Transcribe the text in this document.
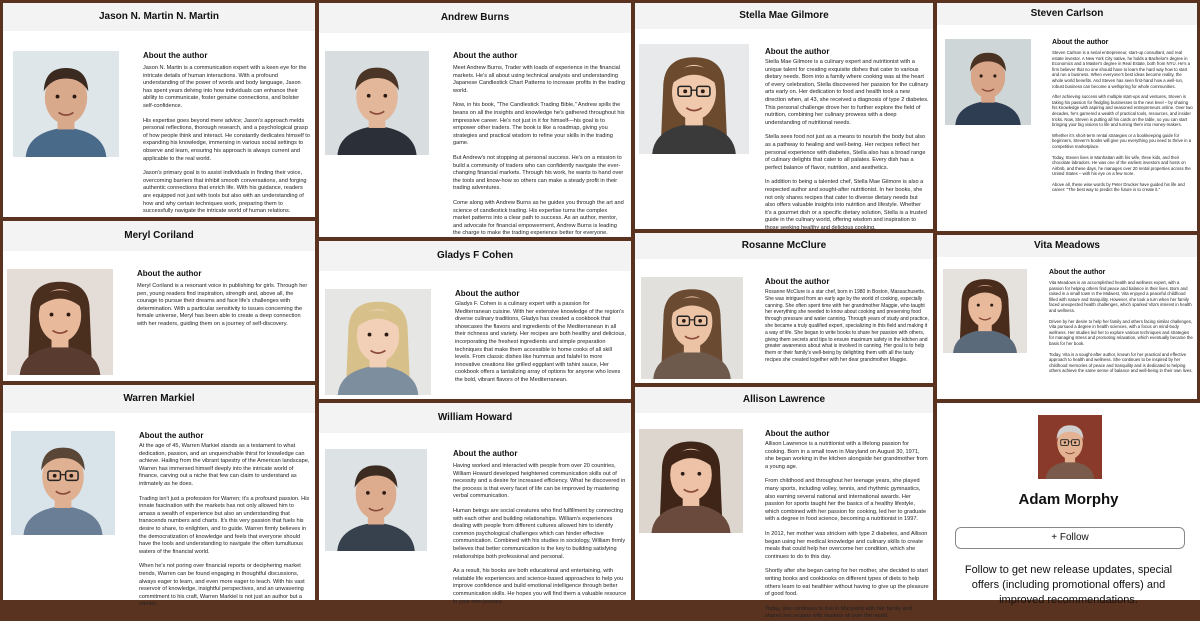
Jason N. Martin N. Martin
About the author

Jason N. Martin is a communication expert with a keen eye for the intricate details of human interactions. With a profound understanding of the power of words and body language, Jason has spent years delving into how individuals can enhance their ability to communicate, foster genuine connections, and bolster self-confidence.

His expertise goes beyond mere advice; Jason's approach melds personal reflections, thorough research, and a psychological grasp of how people think and interact. He constantly dedicates himself to expanding his knowledge, immersing in various social settings to observe and learn, ensuring his approach is always current and applicable to the real world.

Jason's primary goal is to assist individuals in finding their voice, overcoming barriers that inhibit smooth conversations, and forging authentic connections that enrich life. With his guidance, readers are equipped not just with tools but also with an understanding of how and why certain techniques work, preparing them to successfully navigate the intricate world of human relations.

Andrew Burns
About the author

Meet Andrew Burns, Trader with loads of experience in the financial markets. He's all about using technical analysis and understanding Japanese Candlestick Chart Patterns to increase profits in the trading world.

Now, in his book, "The Candlestick Trading Bible," Andrew spills the beans on all the insights and knowledge he's gathered throughout his impressive career. He's not just in it for himself—his goal is to empower other traders. The book is like a roadmap, giving you strategies and practical wisdom to refine your skills in the trading game.

But Andrew's not stopping at personal success. He's on a mission to build a community of traders who can confidently navigate the ever-changing financial markets. Through his work, he wants to hand over the tools and know-how so others can make a steady profit in their trading adventures.

Come along with Andrew Burns as he guides you through the art and science of candlestick trading. His expertise turns the complex market patterns into a clear path to success. As an author, mentor, and advocate for financial empowerment, Andrew Burns is leading the charge to make the trading experience better for everyone.

Stella Mae Gilmore
About the author

Stella Mae Gilmore is a culinary expert and nutritionist with a unique talent for creating exquisite dishes that cater to various dietary needs. Born into a family where cooking was at the heart of every celebration, Stella discovered her passion for the culinary arts early on. Her dedication to food and health took a new direction when, at 43, she received a diagnosis of type 2 diabetes. This personal challenge drove her to further explore the field of nutrition, combining her culinary prowess with a deep understanding of nutritional needs.

Stella sees food not just as a means to nourish the body but also as a pathway to healing and well-being. Her recipes reflect her personal experience with diabetes, Stella also has a broad range of culinary delights that cater to all palates. Every dish has a perfect balance of flavor, nutrition, and aesthetics.

In addition to being a talented chef, Stella Mae Gilmore is also a respected author and sought-after nutritionist. In her books, she not only shares recipes that cater to diverse dietary needs but also offers valuable insights into nutrition and lifestyle. Whether it's a gourmet dish or a specific dietary solution, Stella is a trusted guide in the culinary world, offering wisdom and inspiration to those seeking healthy and delicious cooking.

Steven Carlson
About the author

Steven Carlson is a serial entrepreneur, start-up consultant, and real estate investor. A New York City native, he holds a Bachelor's degree in Economics and a Master's degree in Real Estate, both from NYU. He's a firm believer that no one should have to learn the hard way how to start and run a business. When everyone's best ideas become reality, the whole world benefits. And Steven has seen first-hand how a well-run, robust business can become a wellspring for whole communities.

After achieving success with multiple start-ups and ventures, Steven is taking his passion for fledgling businesses to the next level – by sharing his knowledge with aspiring and seasoned entrepreneurs online. Over two decades, he's garnered a wealth of practical tools, resources, and insider tricks. Now, Steven is putting all his cards on the table, so you can start bringing your big visions to life and turning them into money-makers.

Whether it's short-term rental strategies or a bookkeeping guide for beginners, Steven's books will give you everything you need to thrive in a competitive marketplace.

Today, Steven lives in Manhattan with his wife, three kids, and their chocolate labradors. He was one of the earliest investors and hosts on Airbnb, and these days, he manages over 20 rental properties across the United States – with his eye on a few more.

Above all, these wise words by Peter Drucker have guided his life and career: "The best way to predict the future is to create it."

Meryl Coriland
About the author

Meryl Coriland is a resonant voice in publishing for girls. Through her pen, young readers find inspiration, strength and, above all, the courage to pursue their dreams and face life's challenges with determination. With a particular sensitivity to issues concerning the female universe, Meryl has been able to create a deep connection with her readers, guiding them on a journey of self-discovery.

Gladys F Cohen
About the author

Gladys F. Cohen is a culinary expert with a passion for Mediterranean cuisine. With her extensive knowledge of the region's diverse culinary traditions, Gladys has created a cookbook that showcases the flavors and ingredients of the Mediterranean in all their richness and variety. Her recipes are both healthy and delicious, incorporating the freshest ingredients and simple preparation techniques that make them accessible to home cooks of all skill levels. From classic dishes like hummus and falafel to more innovative creations like grilled eggplant with tahini sauce, Her cookbook offers a tantalizing array of options for anyone who loves the bold, vibrant flavors of the Mediterranean.

Rosanne McClure
About the author

Rosanne McClure is a star chef, born in 1980 in Boston, Massachusetts. She was intrigued from an early age by the world of cooking, especially canning. She often spent time with her grandmother Maggie, who taught her everything she needed to know about cooking and preserving food through pressure and water canning. Through years of study and practice, she became a truly qualified expert, specializing in this field and making it a way of life. She began to write books to share her passion with others, giving them secrets and tips to ensure maximum safety in the kitchen and greater awareness about what is involved in canning. Her goal is to help them or their family's well-being by delighting them with all the tasty recipes she created together with her dear grandmother Maggie.

Vita Meadows
About the author

Vita Meadows is an accomplished health and wellness expert, with a passion for helping others find peace and balance in their lives. Born and raised in a small town in the Midwest, Vita enjoyed a peaceful childhood filled with nature and tranquility. However, she took a turn when her family faced unexpected health challenges, which sparked Vita's interest in health and wellness.

Driven by her desire to help her family and others facing similar challenges, Vita pursued a degree in health sciences, with a focus on mind-body wellness. Her studies led her to explore various techniques and strategies for managing stress and promoting relaxation, which eventually became the basis for her book.

Today, Vita is a sought-after author, known for her practical and effective approach to health and wellness. She continues to be inspired by her childhood memories of peace and tranquility and is dedicated to helping others achieve the same sense of balance and well-being in their own lives.

Warren Markiel
About the author

At the age of 45, Warren Markiel stands as a testament to what dedication, passion, and an unquenchable thirst for knowledge can achieve. Hailing from the vibrant tapestry of the American landscape, Warren has immersed himself deeply into the intricate world of finance, carving out a niche that few can claim to understand as intimately as he does.

Trading isn't just a profession for Warren; it's a profound passion. His innate fascination with the markets has not only allowed him to amass a wealth of experience but also an understanding that transcends numbers and charts. It's this very passion that fuels his desire to share, to enlighten, and to guide. Warren firmly believes in the democratization of knowledge and feels that everyone should have the tools and understanding to navigate the often tumultuous waters of the financial world.

When he's not poring over financial reports or deciphering market trends, Warren can be found engaging in thoughtful discussions, always eager to learn, and even more eager to teach. With his vast reservoir of knowledge, insightful perspectives, and an unwavering commitment to his craft, Warren Markiel is not just an author but a mentor.

William Howard
About the author

Having worked and interacted with people from over 20 countries, William Howard developed heightened communication skills out of necessity and a desire for increased efficiency. What he discovered in the process is that every facet of life can be improved by mastering verbal communication.

Human beings are social creatures who find fulfillment by connecting with each other and building relationships. William's experiences dealing with people from different cultures allowed him to identify common psychological challenges which can hinder effective communication. Combined with his studies in sociology, William firmly believes that better communication is the key to building satisfying relationships both professional and personal.

As a result, his books are both educational and entertaining, with relatable life experiences and science-based approaches to help you improve confidence and build emotional intelligence through better communication skills. He hopes you will find them a valuable resource in your own journey.

Allison Lawrence
About the author

Allison Lawrence is a nutritionist with a lifelong passion for cooking. Born in a small town in Maryland on August 30, 1971, she began working in the kitchen alongside her grandmother from a young age.

From childhood and throughout her teenage years, she played many sports, including volley, tennis, and rhythmic gymnastics, also earning several national and international awards. Her passion for sports taught her the basics of a healthy lifestyle, which combined with her passion for cooking, led her to graduate with a degree in food science, becoming a nutritionist in 1997.

In 2012, her mother was stricken with type 2 diabetes, and Allison began using her medical knowledge and culinary skills to create meals that could help her overcome her condition, which she continues to do to this day.

Shortly after she began caring for her mother, she decided to start writing books and cookbooks on different types of diets to help others learn to eat healthier without having to give up the pleasure of good food.

Today, she continues to live in Maryland with her family and shares her recipes with readers all over the world.

Adam Morphy
+ Follow
Follow to get new release updates, special offers (including promotional offers) and improved recommendations.
